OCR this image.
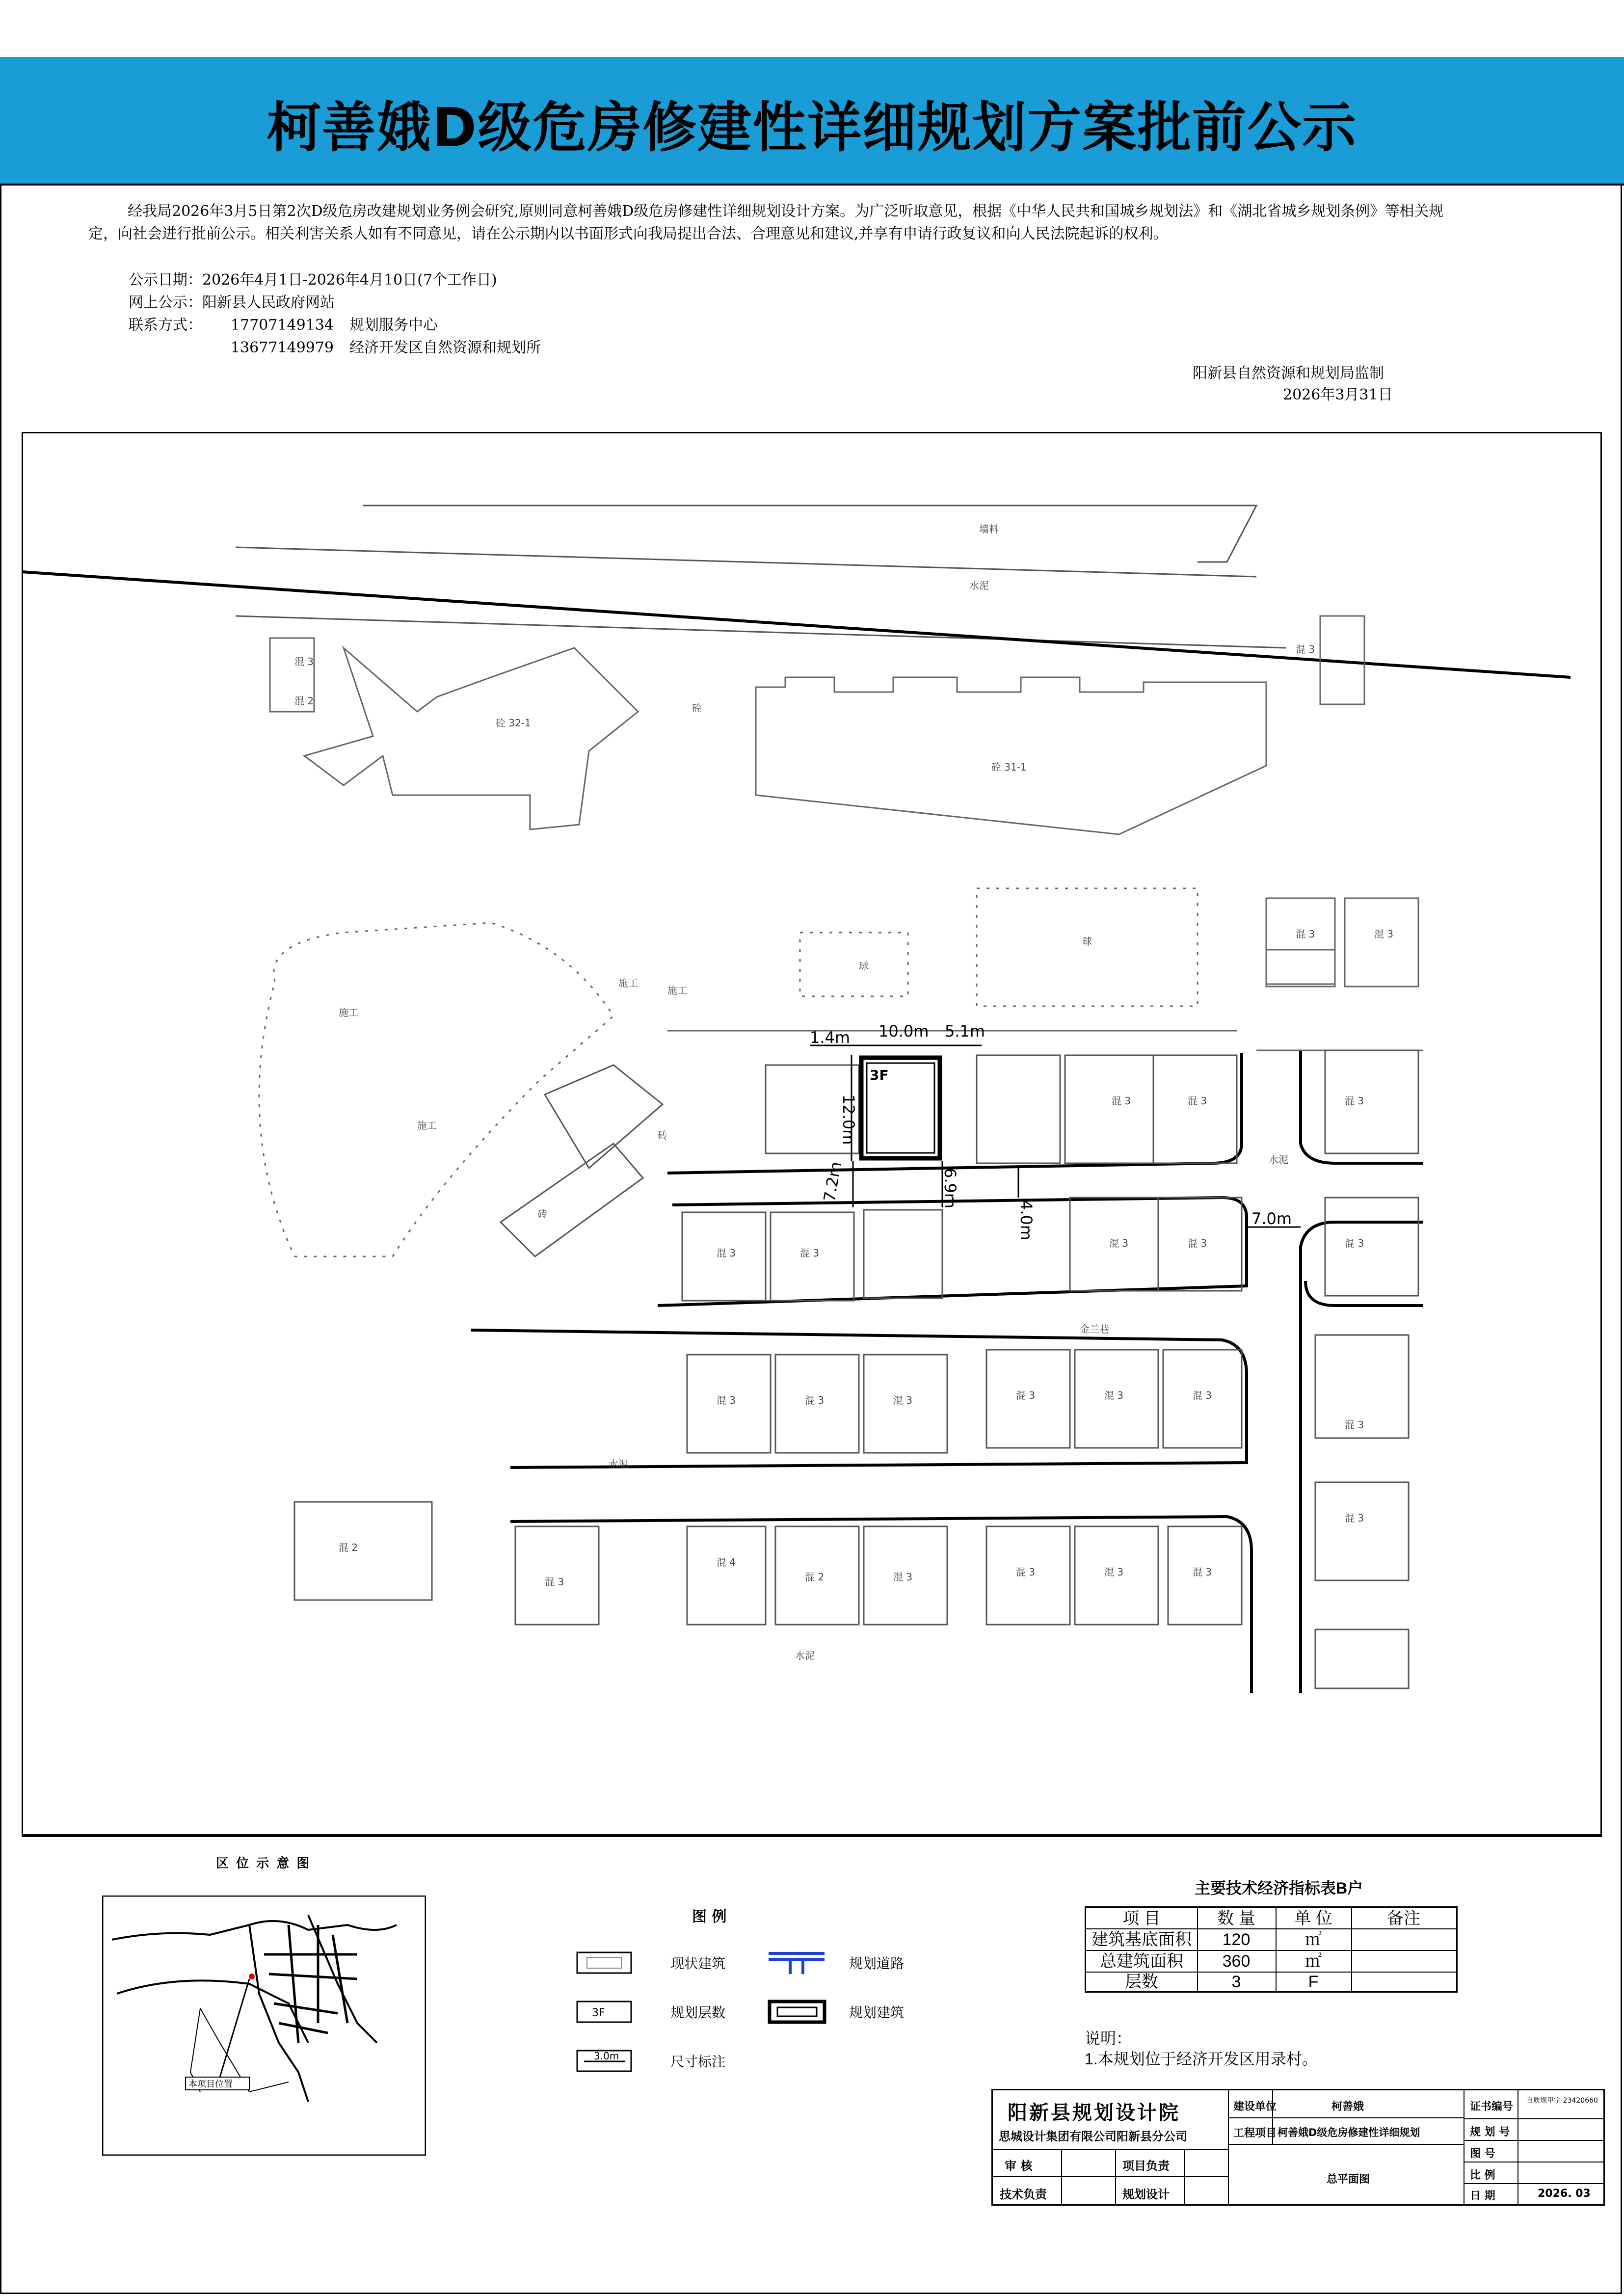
柯善娥D级危房修建性详细规划方案批前公示
经我局2026年3月5日第2次D级危房改建规划业务例会研究,原则同意柯善娥D级危房修建性详细规划设计方案。为广泛听取意见，根据《中华人民共和国城乡规划法》和《湖北省城乡规划条例》等相关规定，向社会进行批前公示。相关利害关系人如有不同意见，请在公示期内以书面形式向我局提出合法、合理意见和建议,并享有申请行政复议和向人民法院起诉的权利。
公示日期：2026年4月1日-2026年4月10日(7个工作日)
网上公示：阳新县人民政府网站
联系方式： 17707149134 规划服务中心
13677149979 经济开发区自然资源和规划所
阳新县自然资源和规划局监制
2026年3月31日
3F
1.4m 10.0m 5.1m
12.0m
7.2m	6.9m
4.0m	7.0m
墙料
水泥
水泥
水泥
水泥
金兰巷
球
球
施工
施工
施工
施工
砖
砖
砼
砼 32-1
砼 31-1
混 3
混 2
混 3
混 3	混 3
混 3	混 3
混 3	混 3
混 3	混 3	混 3	混 3	混 3	混 3
混 3
混 4
混 2	混 3	混 3	混 3	混 3
混 2
混 3
混 3
混 3
混 3
混 3	混 3
区 位 示 意 图
本项目位置
图 例
现状建筑	规划道路
3F	规划层数	规划建筑
3.0m	尺寸标注
主要技术经济指标表B户
项 目	数 量	单 位	备注
建筑基底面积	120	㎡
总建筑面积	360	㎡
层数	3	F
说明：
1.本规划位于经济开发区用录村。
阳新县规划设计院
思城设计集团有限公司阳新县分公司
审 核	项目负责
技术负责	规划设计
建设单位	柯善娥
工程项目 柯善娥D级危房修建性详细规划
总平面图
证书编号	自质规甲字 23420660
规 划 号
图 号
比 例
日 期	2026. 03
